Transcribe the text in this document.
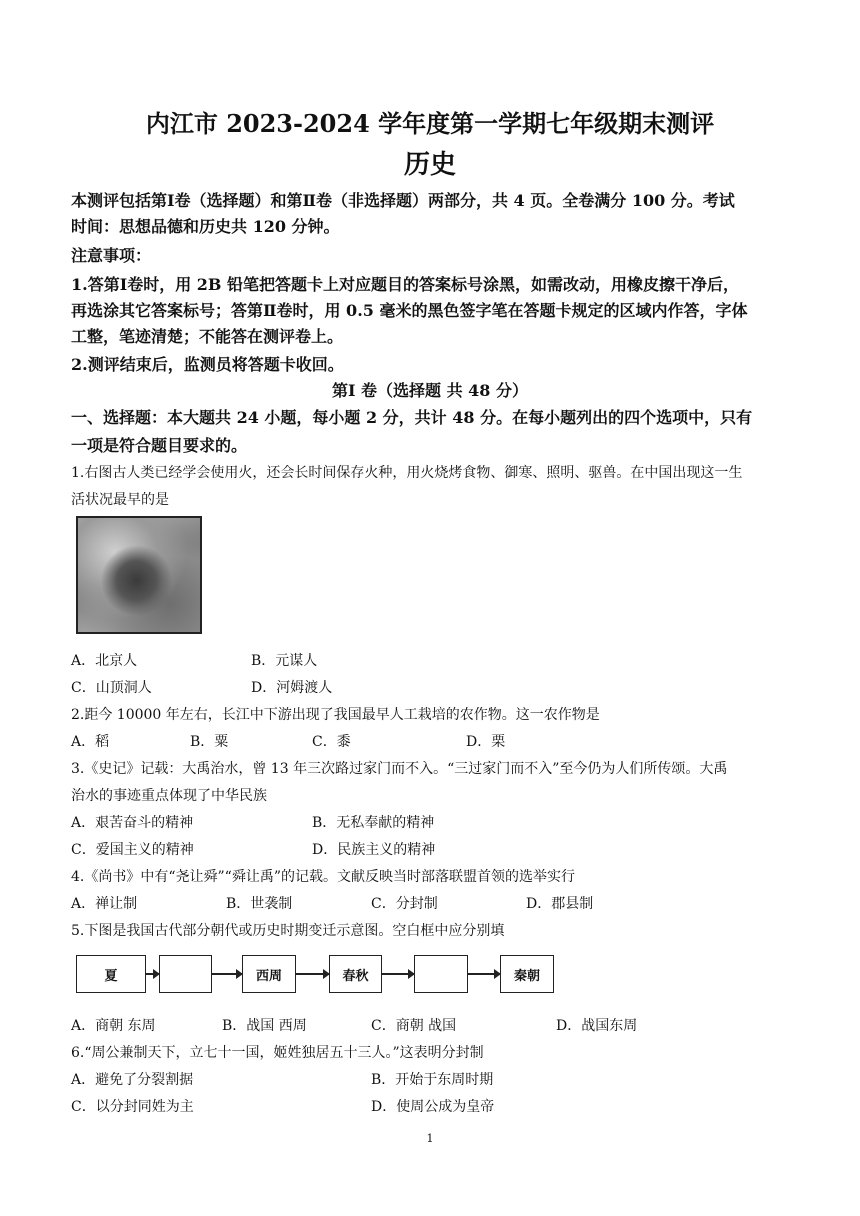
内江市 2023-2024 学年度第一学期七年级期末测评
历史
本测评包括第Ⅰ卷（选择题）和第Ⅱ卷（非选择题）两部分，共 4 页。全卷满分 100 分。考试
时间：思想品德和历史共 120 分钟。
注意事项：
1.答第Ⅰ卷时，用 2B 铅笔把答题卡上对应题目的答案标号涂黑，如需改动，用橡皮擦干净后，
再选涂其它答案标号；答第Ⅱ卷时，用 0.5 毫米的黑色签字笔在答题卡规定的区域内作答，字体
工整，笔迹清楚；不能答在测评卷上。
2.测评结束后，监测员将答题卡收回。
第Ⅰ 卷（选择题 共 48 分）
一、选择题：本大题共 24 小题，每小题 2 分，共计 48 分。在每小题列出的四个选项中，只有
一项是符合题目要求的。
1.右图古人类已经学会使用火，还会长时间保存火种，用火烧烤食物、御寒、照明、驱兽。在中国出现这一生
活状况最早的是
A．北京人	B．元谋人
C．山顶洞人	D．河姆渡人
2.距今 10000 年左右，长江中下游出现了我国最早人工栽培的农作物。这一农作物是
A．稻	B．粟	C．黍	D．栗
3.《史记》记载：大禹治水，曾 13 年三次路过家门而不入。“三过家门而不入”至今仍为人们所传颂。大禹
治水的事迹重点体现了中华民族
A．艰苦奋斗的精神	B．无私奉献的精神
C．爱国主义的精神	D．民族主义的精神
4.《尚书》中有“尧让舜”“舜让禹”的记载。文献反映当时部落联盟首领的选举实行
A．禅让制	B．世袭制	C．分封制	D．郡县制
5.下图是我国古代部分朝代或历史时期变迁示意图。空白框中应分别填
夏	西周	春秋	秦朝
A．商朝 东周	B．战国 西周	C．商朝 战国	D．战国东周
6.“周公兼制天下，立七十一国，姬姓独居五十三人。”这表明分封制
A．避免了分裂割据	B．开始于东周时期
C．以分封同姓为主	D．使周公成为皇帝
1
